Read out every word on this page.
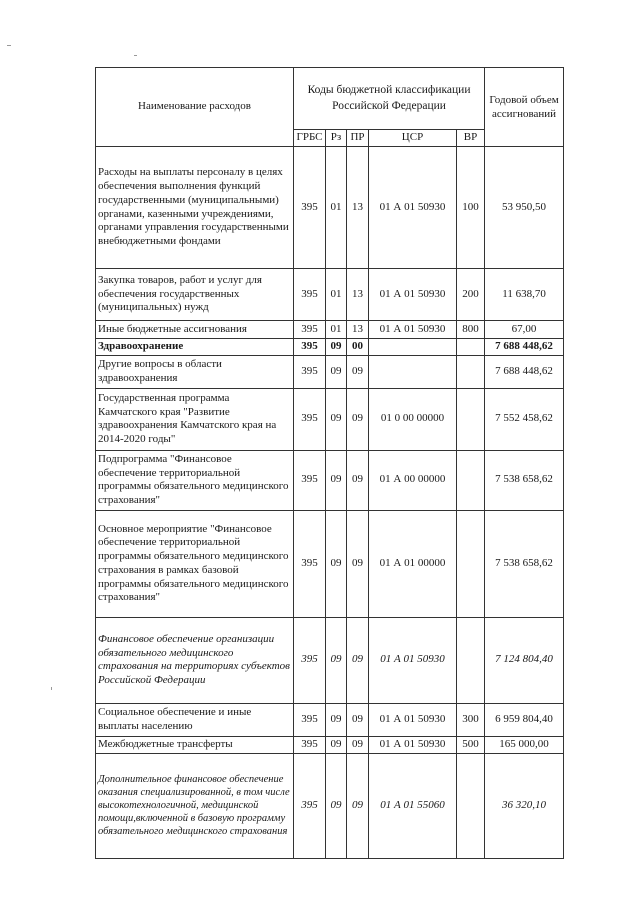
Наименование расходов	Коды бюджетной классификации Российской Федерации					Годовой объем ассигнований
	ГРБС	Рз	ПР	ЦСР	ВР	
Расходы на выплаты персоналу в целях обеспечения выполнения функций государственными (муниципальными) органами, казенными учреждениями, органами управления государственными внебюджетными фондами	395	01	13	01 А 01 50930	100	53 950,50
Закупка товаров, работ и услуг для обеспечения государственных (муниципальных) нужд	395	01	13	01 А 01 50930	200	11 638,70
Иные бюджетные ассигнования	395	01	13	01 А 01 50930	800	67,00
Здравоохранение	395	09	00			7 688 448,62
Другие вопросы в области здравоохранения	395	09	09			7 688 448,62
Государственная программа Камчатского края "Развитие здравоохранения Камчатского края на 2014-2020 годы"	395	09	09	01 0 00 00000		7 552 458,62
Подпрограмма "Финансовое обеспечение территориальной программы обязательного медицинского страхования"	395	09	09	01 А 00 00000		7 538 658,62
Основное мероприятие "Финансовое обеспечение территориальной программы обязательного медицинского страхования в рамках базовой программы обязательного медицинского страхования"	395	09	09	01 А 01 00000		7 538 658,62
Финансовое обеспечение организации обязательного медицинского страхования на территориях субъектов Российской Федерации	395	09	09	01 А 01 50930		7 124 804,40
Социальное обеспечение и иные выплаты населению	395	09	09	01 А 01 50930	300	6 959 804,40
Межбюджетные трансферты	395	09	09	01 А 01 50930	500	165 000,00
Дополнительное финансовое обеспечение оказания специализированной, в том числе высокотехнологичной, медицинской помощи,включенной в базовую программу обязательного медицинского страхования	395	09	09	01 А 01 55060		36 320,10
